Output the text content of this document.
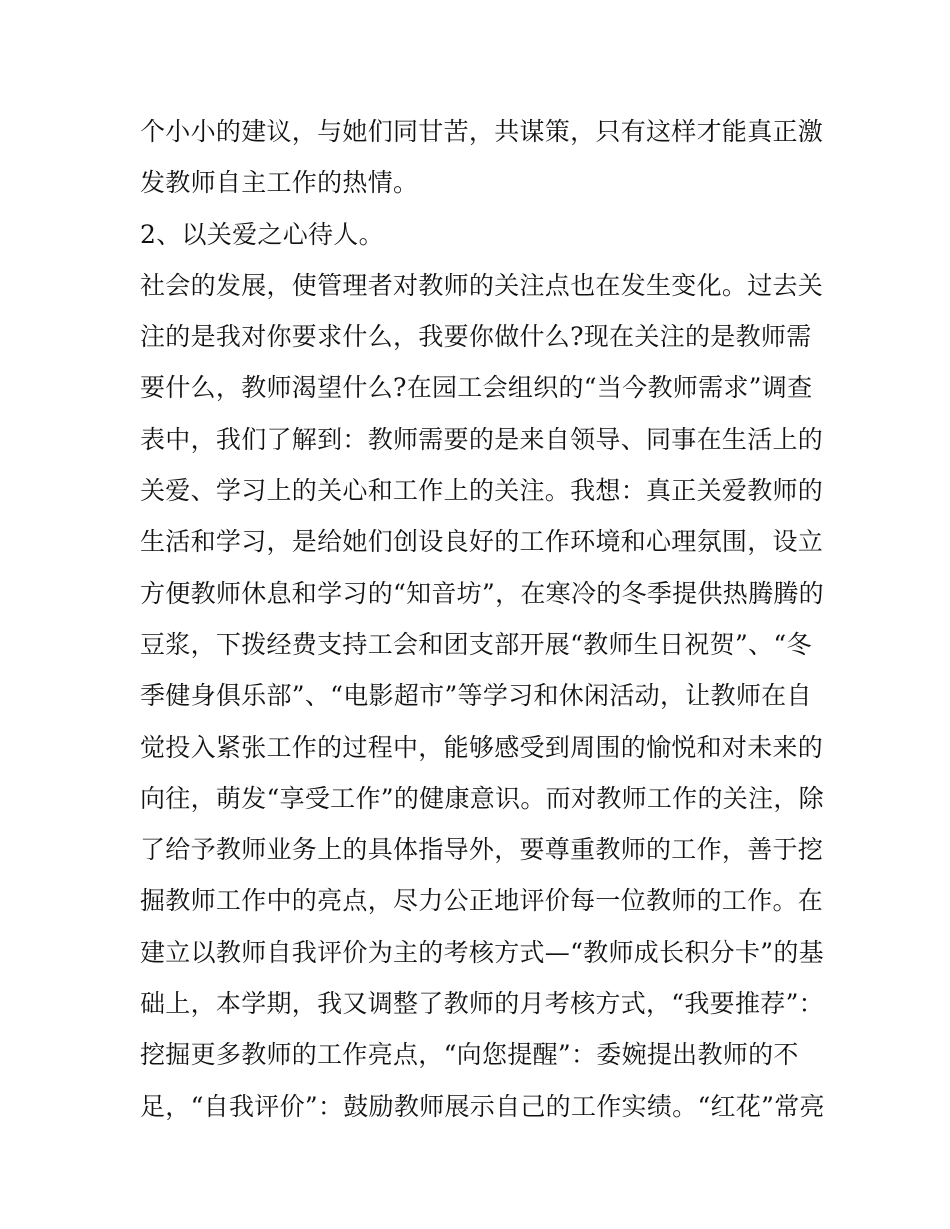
个小小的建议，与她们同甘苦，共谋策，只有这样才能真正激
发教师自主工作的热情。
2、以关爱之心待人。
社会的发展，使管理者对教师的关注点也在发生变化。过去关
注的是我对你要求什么，我要你做什么?现在关注的是教师需
要什么，教师渴望什么?在园工会组织的“当今教师需求”调查
表中，我们了解到：教师需要的是来自领导、同事在生活上的
关爱、学习上的关心和工作上的关注。我想：真正关爱教师的
生活和学习，是给她们创设良好的工作环境和心理氛围，设立
方便教师休息和学习的“知音坊”，在寒冷的冬季提供热腾腾的
豆浆，下拨经费支持工会和团支部开展“教师生日祝贺”、“冬
季健身俱乐部”、“电影超市”等学习和休闲活动，让教师在自
觉投入紧张工作的过程中，能够感受到周围的愉悦和对未来的
向往，萌发“享受工作”的健康意识。而对教师工作的关注，除
了给予教师业务上的具体指导外，要尊重教师的工作，善于挖
掘教师工作中的亮点，尽力公正地评价每一位教师的工作。在
建立以教师自我评价为主的考核方式—“教师成长积分卡”的基
础上，本学期，我又调整了教师的月考核方式，“我要推荐”：
挖掘更多教师的工作亮点，“向您提醒”：委婉提出教师的不
足，“自我评价”：鼓励教师展示自己的工作实绩。“红花”常亮
